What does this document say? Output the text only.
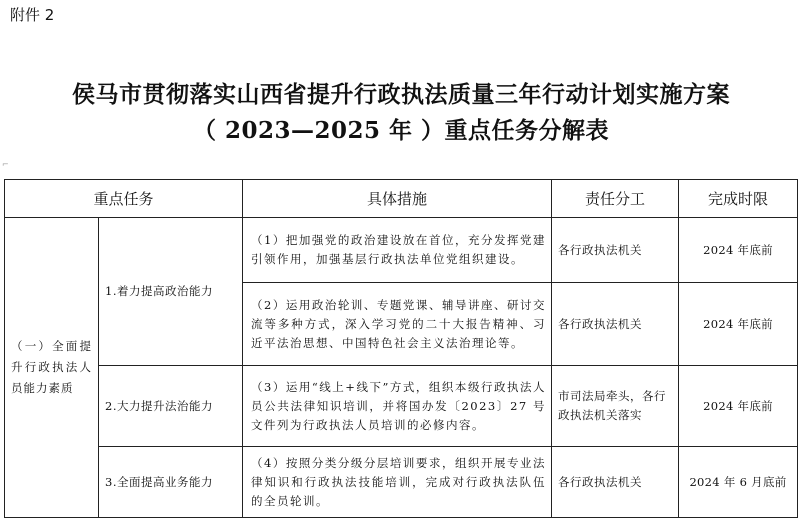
附件 2
侯马市贯彻落实山西省提升行政执法质量三年行动计划实施方案
（ 2023—2025 年 ）重点任务分解表
⌐
重点任务		具体措施	责任分工	完成时限
（一）全面提升行政执法人员能力素质	1.着力提高政治能力	（1）把加强党的政治建设放在首位，充分发挥党建引领作用，加强基层行政执法单位党组织建设。	各行政执法机关	2024 年底前
		（2）运用政治轮训、专题党课、辅导讲座、研讨交流等多种方式，深入学习党的二十大报告精神、习近平法治思想、中国特色社会主义法治理论等。	各行政执法机关	2024 年底前
	2.大力提升法治能力	（3）运用“线上+线下”方式，组织本级行政执法人员公共法律知识培训，并将国办发〔2023〕27 号文件列为行政执法人员培训的必修内容。	市司法局牵头，各行政执法机关落实	2024 年底前
	3.全面提高业务能力	（4）按照分类分级分层培训要求，组织开展专业法律知识和行政执法技能培训，完成对行政执法队伍的全员轮训。	各行政执法机关	2024 年 6 月底前
